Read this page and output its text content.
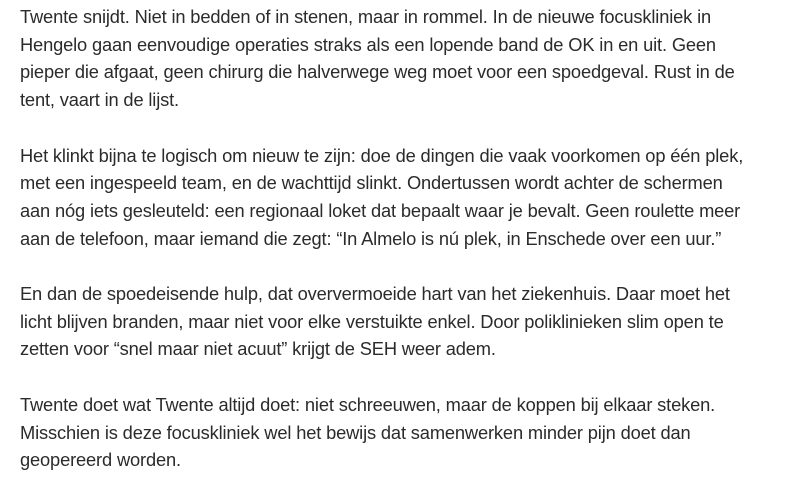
Twente snijdt. Niet in bedden of in stenen, maar in rommel. In de nieuwe focuskliniek in
Hengelo gaan eenvoudige operaties straks als een lopende band de OK in en uit. Geen
pieper die afgaat, geen chirurg die halverwege weg moet voor een spoedgeval. Rust in de
tent, vaart in de lijst.

Het klinkt bijna te logisch om nieuw te zijn: doe de dingen die vaak voorkomen op één plek,
met een ingespeeld team, en de wachttijd slinkt. Ondertussen wordt achter de schermen
aan nóg iets gesleuteld: een regionaal loket dat bepaalt waar je bevalt. Geen roulette meer
aan de telefoon, maar iemand die zegt: “In Almelo is nú plek, in Enschede over een uur.”

En dan de spoedeisende hulp, dat oververmoeide hart van het ziekenhuis. Daar moet het
licht blijven branden, maar niet voor elke verstuikte enkel. Door poliklinieken slim open te
zetten voor “snel maar niet acuut” krijgt de SEH weer adem.

Twente doet wat Twente altijd doet: niet schreeuwen, maar de koppen bij elkaar steken.
Misschien is deze focuskliniek wel het bewijs dat samenwerken minder pijn doet dan
geopereerd worden.
